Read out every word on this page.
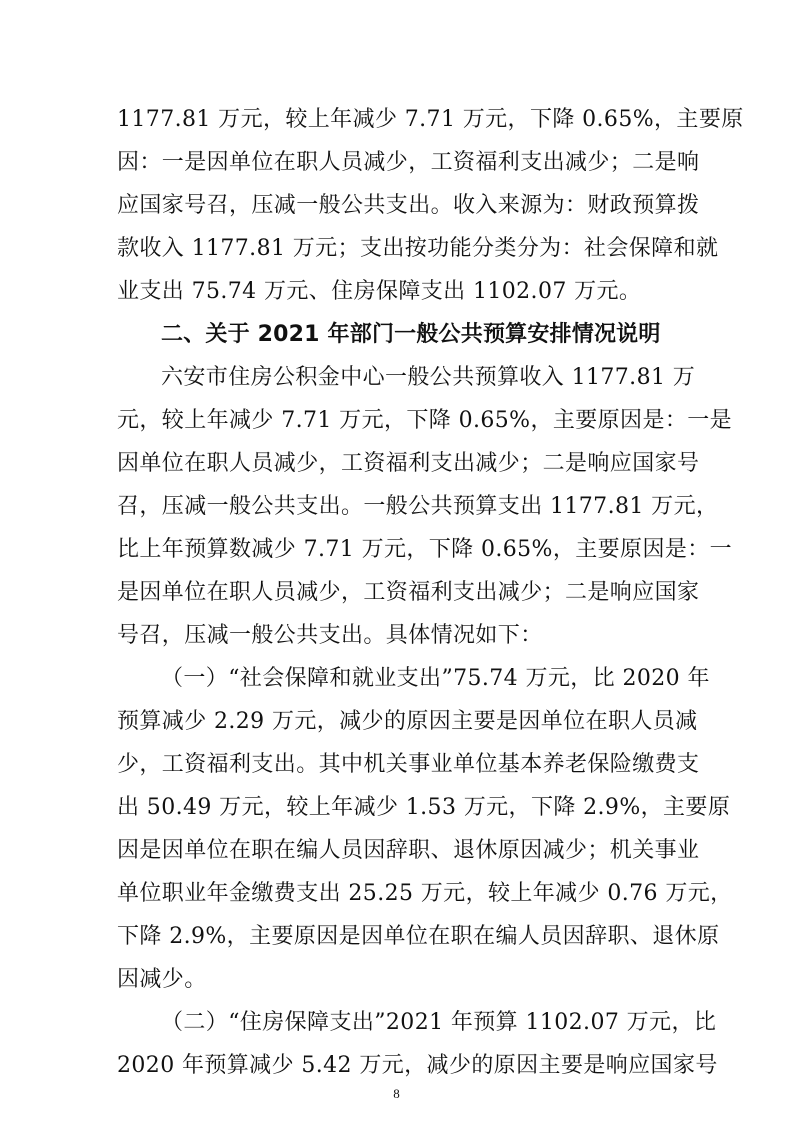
1177.81 万元，较上年减少 7.71 万元，下降 0.65%，主要原
因：一是因单位在职人员减少，工资福利支出减少；二是响
应国家号召，压减一般公共支出。收入来源为：财政预算拨
款收入 1177.81 万元；支出按功能分类分为：社会保障和就
业支出 75.74 万元、住房保障支出 1102.07 万元。
二、关于 2021 年部门一般公共预算安排情况说明
六安市住房公积金中心一般公共预算收入 1177.81 万
元，较上年减少 7.71 万元，下降 0.65%，主要原因是：一是
因单位在职人员减少，工资福利支出减少；二是响应国家号
召，压减一般公共支出。一般公共预算支出 1177.81 万元，
比上年预算数减少 7.71 万元，下降 0.65%，主要原因是：一
是因单位在职人员减少，工资福利支出减少；二是响应国家
号召，压减一般公共支出。具体情况如下：
（一）“社会保障和就业支出”75.74 万元，比 2020 年
预算减少 2.29 万元，减少的原因主要是因单位在职人员减
少，工资福利支出。其中机关事业单位基本养老保险缴费支
出 50.49 万元，较上年减少 1.53 万元，下降 2.9%，主要原
因是因单位在职在编人员因辞职、退休原因减少；机关事业
单位职业年金缴费支出 25.25 万元，较上年减少 0.76 万元，
下降 2.9%，主要原因是因单位在职在编人员因辞职、退休原
因减少。
（二）“住房保障支出”2021 年预算 1102.07 万元，比
2020 年预算减少 5.42 万元，减少的原因主要是响应国家号
8
